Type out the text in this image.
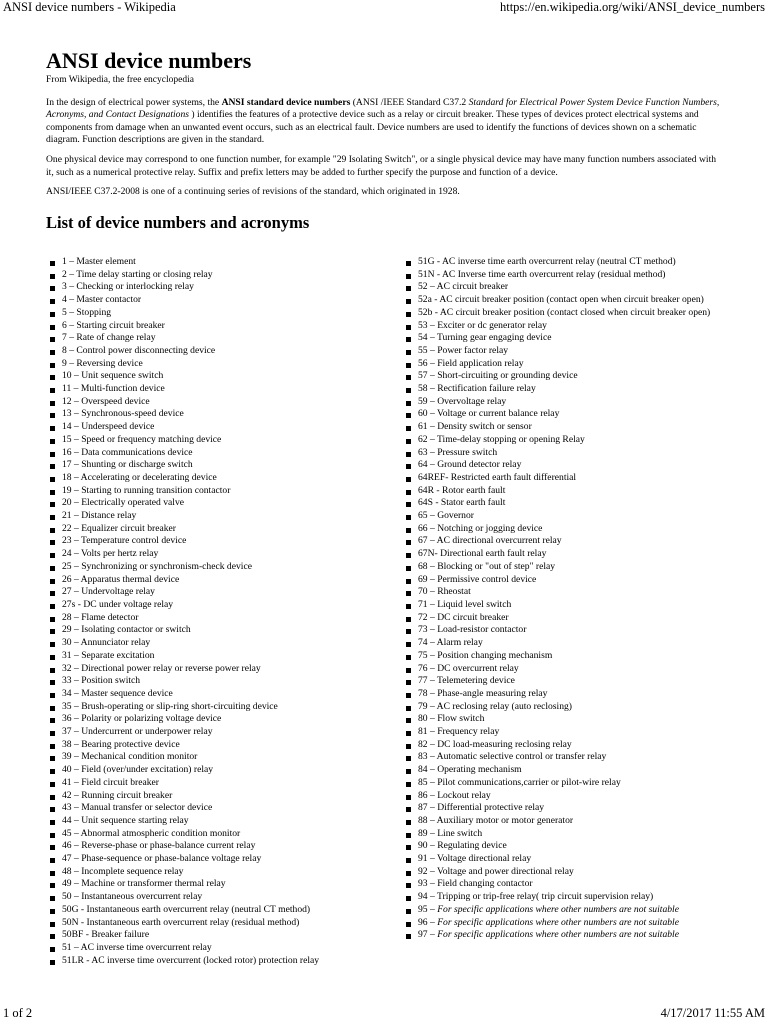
ANSI device numbers - Wikipedia	https://en.wikipedia.org/wiki/ANSI_device_numbers
ANSI device numbers
From Wikipedia, the free encyclopedia

In the design of electrical power systems, the ANSI standard device numbers (ANSI /IEEE Standard C37.2 Standard for Electrical Power System Device Function Numbers, Acronyms, and Contact Designations ) identifies the features of a protective device such as a relay or circuit breaker. These types of devices protect electrical systems and components from damage when an unwanted event occurs, such as an electrical fault. Device numbers are used to identify the functions of devices shown on a schematic diagram. Function descriptions are given in the standard.

One physical device may correspond to one function number, for example "29 Isolating Switch", or a single physical device may have many function numbers associated with it, such as a numerical protective relay. Suffix and prefix letters may be added to further specify the purpose and function of a device.

ANSI/IEEE C37.2-2008 is one of a continuing series of revisions of the standard, which originated in 1928.

List of device numbers and acronyms
1 – Master element
2 – Time delay starting or closing relay
3 – Checking or interlocking relay
4 – Master contactor
5 – Stopping
6 – Starting circuit breaker
7 – Rate of change relay
8 – Control power disconnecting device
9 – Reversing device
10 – Unit sequence switch
11 – Multi-function device
12 – Overspeed device
13 – Synchronous-speed device
14 – Underspeed device
15 – Speed or frequency matching device
16 – Data communications device
17 – Shunting or discharge switch
18 – Accelerating or decelerating device
19 – Starting to running transition contactor
20 – Electrically operated valve
21 – Distance relay
22 – Equalizer circuit breaker
23 – Temperature control device
24 – Volts per hertz relay
25 – Synchronizing or synchronism-check device
26 – Apparatus thermal device
27 – Undervoltage relay
27s - DC under voltage relay
28 – Flame detector
29 – Isolating contactor or switch
30 – Annunciator relay
31 – Separate excitation
32 – Directional power relay or reverse power relay
33 – Position switch
34 – Master sequence device
35 – Brush-operating or slip-ring short-circuiting device
36 – Polarity or polarizing voltage device
37 – Undercurrent or underpower relay
38 – Bearing protective device
39 – Mechanical condition monitor
40 – Field (over/under excitation) relay
41 – Field circuit breaker
42 – Running circuit breaker
43 – Manual transfer or selector device
44 – Unit sequence starting relay
45 – Abnormal atmospheric condition monitor
46 – Reverse-phase or phase-balance current relay
47 – Phase-sequence or phase-balance voltage relay
48 – Incomplete sequence relay
49 – Machine or transformer thermal relay
50 – Instantaneous overcurrent relay
50G - Instantaneous earth overcurrent relay (neutral CT method)
50N - Instantaneous earth overcurrent relay (residual method)
50BF - Breaker failure
51 – AC inverse time overcurrent relay
51LR - AC inverse time overcurrent (locked rotor) protection relay
51G - AC inverse time earth overcurrent relay (neutral CT method)
51N - AC Inverse time earth overcurrent relay (residual method)
52 – AC circuit breaker
52a - AC circuit breaker position (contact open when circuit breaker open)
52b - AC circuit breaker position (contact closed when circuit breaker open)
53 – Exciter or dc generator relay
54 – Turning gear engaging device
55 – Power factor relay
56 – Field application relay
57 – Short-circuiting or grounding device
58 – Rectification failure relay
59 – Overvoltage relay
60 – Voltage or current balance relay
61 – Density switch or sensor
62 – Time-delay stopping or opening Relay
63 – Pressure switch
64 – Ground detector relay
64REF- Restricted earth fault differential
64R - Rotor earth fault
64S - Stator earth fault
65 – Governor
66 – Notching or jogging device
67 – AC directional overcurrent relay
67N- Directional earth fault relay
68 – Blocking or "out of step" relay
69 – Permissive control device
70 – Rheostat
71 – Liquid level switch
72 – DC circuit breaker
73 – Load-resistor contactor
74 – Alarm relay
75 – Position changing mechanism
76 – DC overcurrent relay
77 – Telemetering device
78 – Phase-angle measuring relay
79 – AC reclosing relay (auto reclosing)
80 – Flow switch
81 – Frequency relay
82 – DC load-measuring reclosing relay
83 – Automatic selective control or transfer relay
84 – Operating mechanism
85 – Pilot communications,carrier or pilot-wire relay
86 – Lockout relay
87 – Differential protective relay
88 – Auxiliary motor or motor generator
89 – Line switch
90 – Regulating device
91 – Voltage directional relay
92 – Voltage and power directional relay
93 – Field changing contactor
94 – Tripping or trip-free relay( trip circuit supervision relay)
95 – For specific applications where other numbers are not suitable
96 – For specific applications where other numbers are not suitable
97 – For specific applications where other numbers are not suitable
1 of 2	4/17/2017 11:55 AM
